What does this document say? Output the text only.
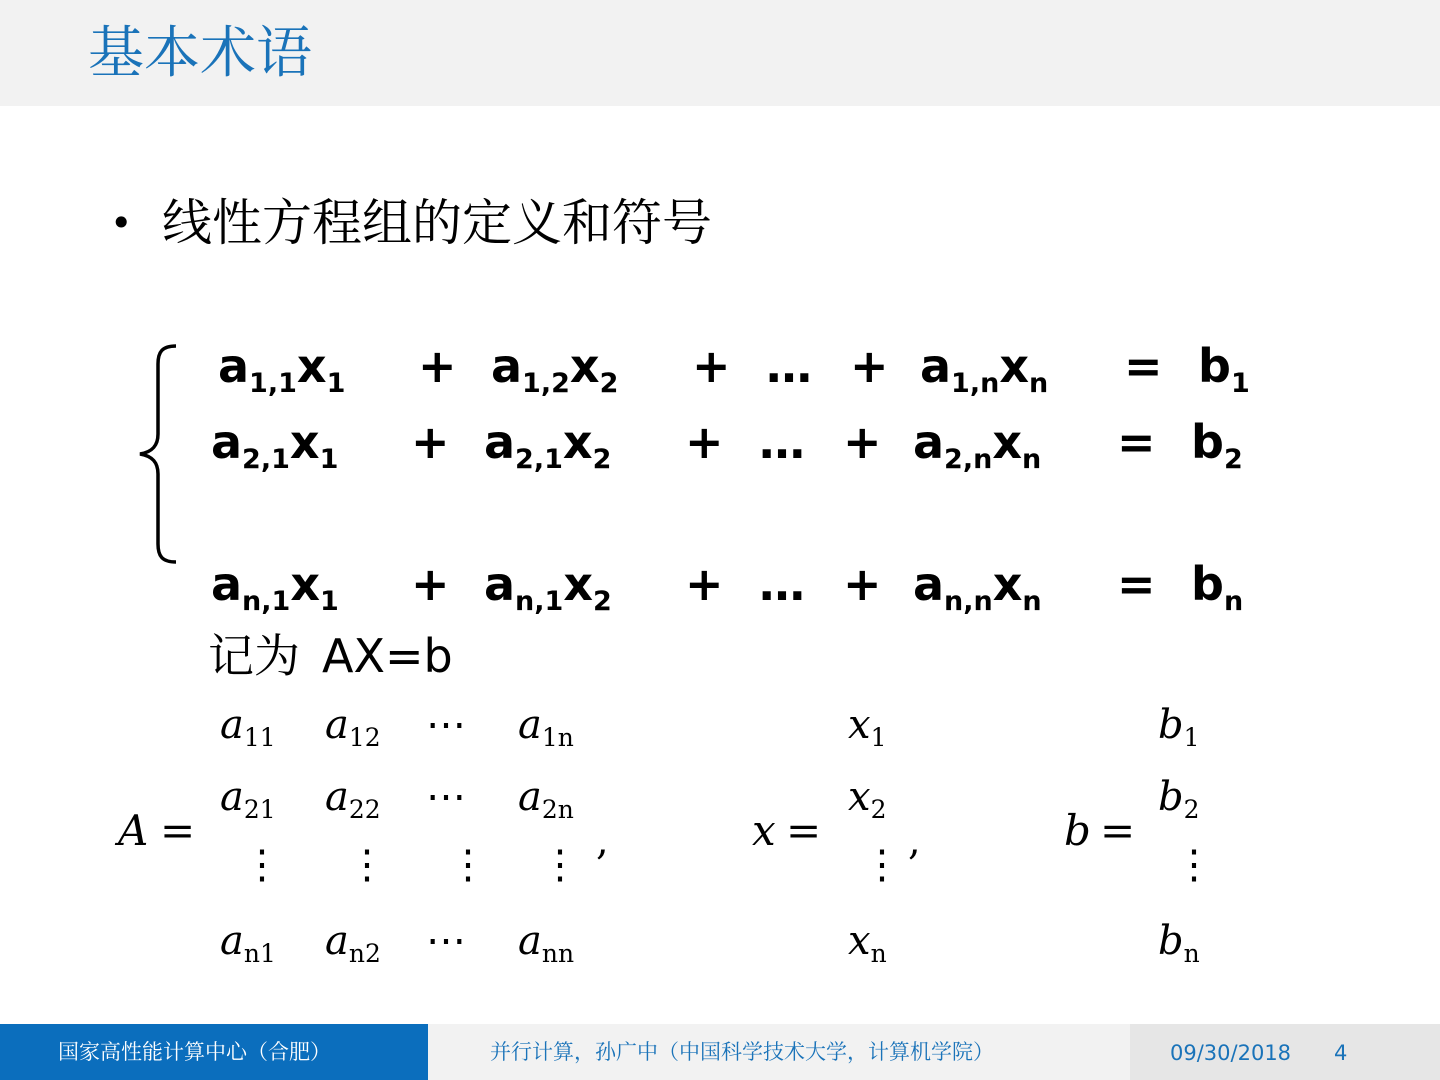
基本术语
• 线性方程组的定义和符号
$a_{1,1}x_1 + a_{1,2}x_2$ + … + $a_{1,n}x_n = b_1$
$a_{2,1}x_1 + a_{2,1}x_2$ + … + $a_{2,n}x_n = b_2$
$a_{n,1}x_1 + a_{n,1}x_2$ + … + $a_{n,n}x_n = b_n$
记为 AX=b
A =
$a_{11}$ $a_{12}$ ⋯ $a_{1n}$
$a_{21}$ $a_{22}$ ⋯ $a_{2n}$
⋮ ⋮ ⋮ ⋮
$a_{n1}$ $a_{n2}$ ⋯ $a_{nn}$
,	x =
$x_1$
$x_2$
⋮
$x_n$
,	b =
$b_1$
$b_2$
⋮
$b_n$
国家高性能计算中心（合肥）	并行计算，孙广中（中国科学技术大学，计算机学院）	09/30/2018	4
